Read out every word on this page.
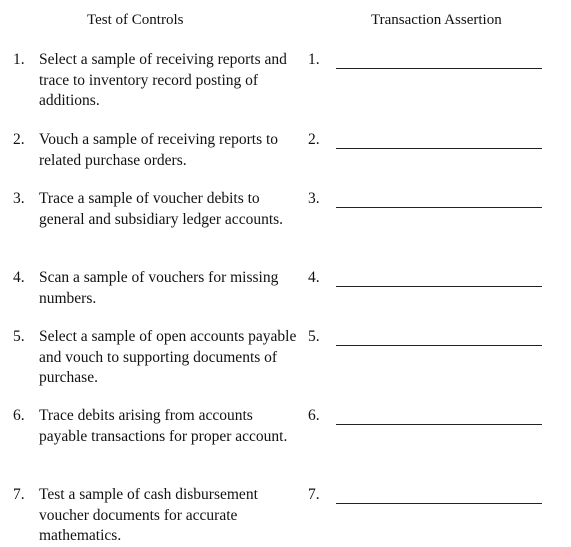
Test of Controls	Transaction Assertion
1. Select a sample of receiving reports and trace to inventory record posting of additions.
1.
2. Vouch a sample of receiving reports to related purchase orders.
2.
3. Trace a sample of voucher debits to general and subsidiary ledger accounts.
3.
4. Scan a sample of vouchers for missing numbers.
4.
5. Select a sample of open accounts payable and vouch to supporting documents of purchase.
5.
6. Trace debits arising from accounts payable transactions for proper account.
6.
7. Test a sample of cash disbursement voucher documents for accurate mathematics.
7.
